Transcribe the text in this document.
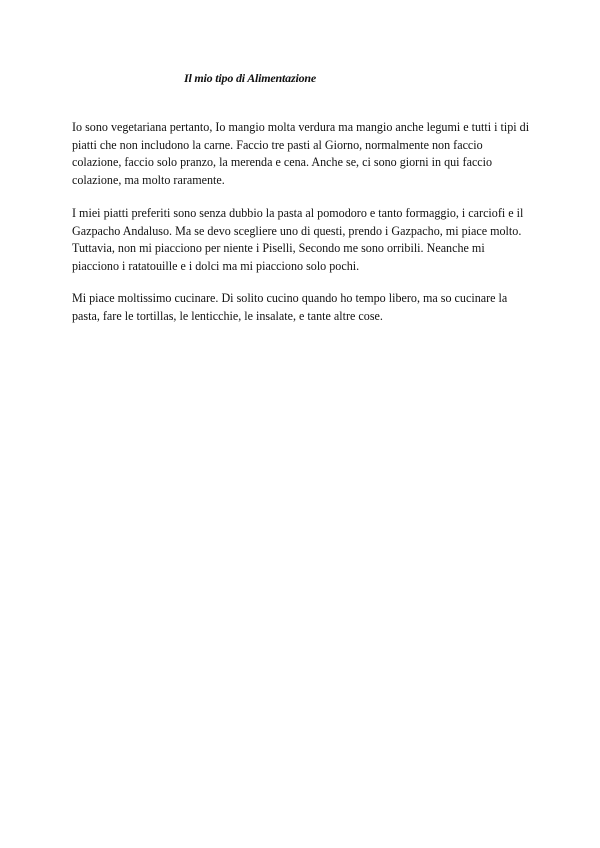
Il mio tipo di Alimentazione

Io sono vegetariana pertanto, Io mangio molta verdura ma mangio anche legumi e tutti i tipi di piatti che non includono la carne. Faccio tre pasti al Giorno, normalmente non faccio colazione, faccio solo pranzo, la merenda e cena. Anche se, ci sono giorni in qui faccio colazione, ma molto raramente.

I miei piatti preferiti sono senza dubbio la pasta al pomodoro e tanto formaggio, i carciofi e il Gazpacho Andaluso. Ma se devo scegliere uno di questi, prendo i Gazpacho, mi piace molto. Tuttavia, non mi piacciono per niente i Piselli, Secondo me sono orribili. Neanche mi piacciono i ratatouille e i dolci ma mi piacciono solo pochi.

Mi piace moltissimo cucinare. Di solito cucino quando ho tempo libero, ma so cucinare la pasta, fare le tortillas, le lenticchie, le insalate, e tante altre cose.
